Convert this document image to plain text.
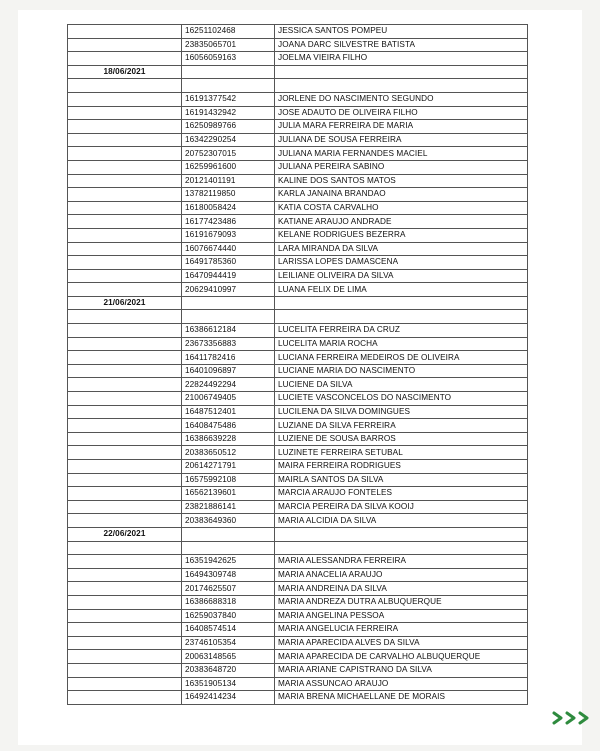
	16251102468	JESSICA SANTOS POMPEU
	23835065701	JOANA DARC SILVESTRE BATISTA
	16056059163	JOELMA VIEIRA FILHO
18/06/2021		

	16191377542	JORLENE DO NASCIMENTO SEGUNDO
	16191432942	JOSE ADAUTO DE OLIVEIRA FILHO
	16250989766	JULIA MARA FERREIRA DE MARIA
	16342290254	JULIANA DE SOUSA FERREIRA
	20752307015	JULIANA MARIA FERNANDES MACIEL
	16259961600	JULIANA PEREIRA SABINO
	20121401191	KALINE DOS SANTOS MATOS
	13782119850	KARLA JANAINA BRANDAO
	16180058424	KATIA COSTA CARVALHO
	16177423486	KATIANE ARAUJO ANDRADE
	16191679093	KELANE RODRIGUES BEZERRA
	16076674440	LARA MIRANDA DA SILVA
	16491785360	LARISSA LOPES DAMASCENA
	16470944419	LEILIANE OLIVEIRA DA SILVA
	20629410997	LUANA FELIX DE LIMA
21/06/2021		

	16386612184	LUCELITA FERREIRA DA CRUZ
	23673356883	LUCELITA MARIA ROCHA
	16411782416	LUCIANA FERREIRA MEDEIROS DE OLIVEIRA
	16401096897	LUCIANE MARIA DO NASCIMENTO
	22824492294	LUCIENE DA SILVA
	21006749405	LUCIETE VASCONCELOS DO NASCIMENTO
	16487512401	LUCILENA DA SILVA DOMINGUES
	16408475486	LUZIANE DA SILVA FERREIRA
	16386639228	LUZIENE DE SOUSA BARROS
	20383650512	LUZINETE FERREIRA SETUBAL
	20614271791	MAIRA FERREIRA RODRIGUES
	16575992108	MAIRLA SANTOS DA SILVA
	16562139601	MARCIA ARAUJO FONTELES
	23821886141	MARCIA PEREIRA DA SILVA KOOIJ
	20383649360	MARIA ALCIDIA DA SILVA
22/06/2021		

	16351942625	MARIA ALESSANDRA FERREIRA
	16494309748	MARIA ANACELIA ARAUJO
	20174625507	MARIA ANDREINA DA SILVA
	16386688318	MARIA ANDREZA DUTRA ALBUQUERQUE
	16259037840	MARIA ANGELINA PESSOA
	16408574514	MARIA ANGELUCIA FERREIRA
	23746105354	MARIA APARECIDA ALVES DA SILVA
	20063148565	MARIA APARECIDA DE CARVALHO ALBUQUERQUE
	20383648720	MARIA ARIANE CAPISTRANO DA SILVA
	16351905134	MARIA ASSUNCAO ARAUJO
	16492414234	MARIA BRENA MICHAELLANE DE MORAIS
